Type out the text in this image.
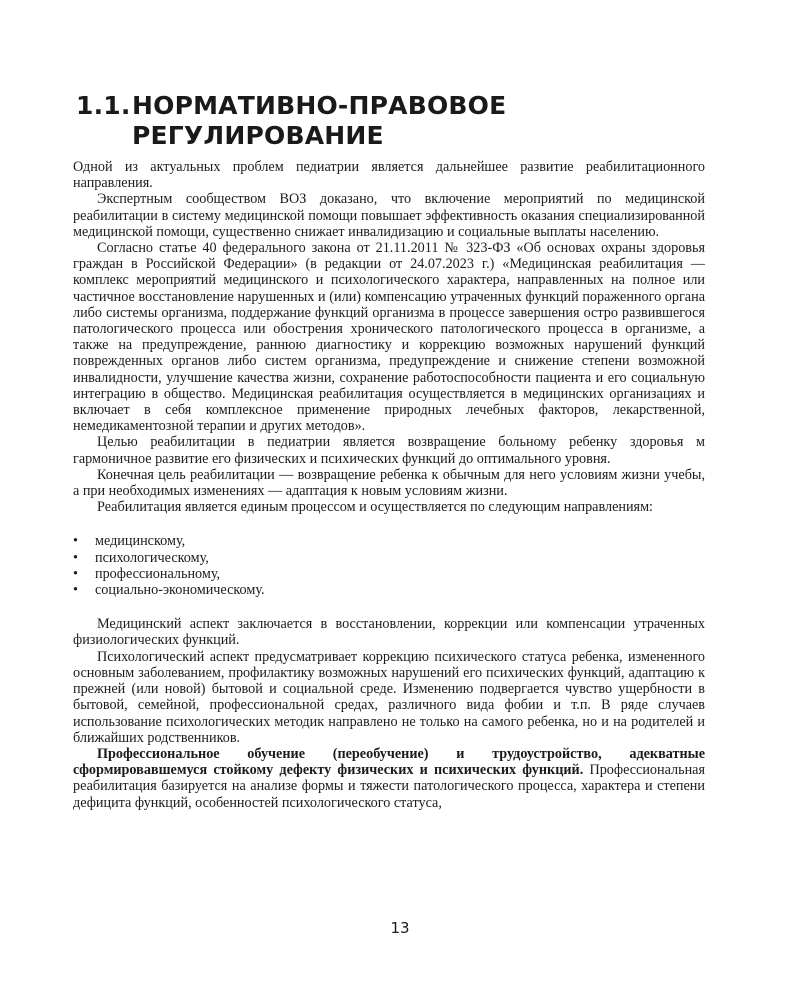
1.1.НОРМАТИВНО-ПРАВОВОЕ
РЕГУЛИРОВАНИЕ

Одной из актуальных проблем педиатрии является дальнейшее развитие реабилитационного направления.

Экспертным сообществом ВОЗ доказано, что включение мероприятий по медицинской реабилитации в систему медицинской помощи повышает эффективность оказания специализированной медицинской помощи, существенно снижает инвалидизацию и социальные выплаты населению.

Согласно статье 40 федерального закона от 21.11.2011 № 323-ФЗ «Об основах охраны здоровья граждан в Российской Федерации» (в редакции от 24.07.2023 г.) «Медицинская реабилитация — комплекс мероприятий медицинского и психологического характера, направленных на полное или частичное восстановление нарушенных и (или) компенсацию утраченных функций пораженного органа либо системы организма, поддержание функций организма в процессе завершения остро развившегося патологического процесса или обострения хронического патологического процесса в организме, а также на предупреждение, раннюю диагностику и коррекцию возможных нарушений функций поврежденных органов либо систем организма, предупреждение и снижение степени возможной инвалидности, улучшение качества жизни, сохранение работоспособности пациента и его социальную интеграцию в общество. Медицинская реабилитация осуществляется в медицинских организациях и включает в себя комплексное применение природных лечебных факторов, лекарственной, немедикаментозной терапии и других методов».

Целью реабилитации в педиатрии является возвращение больному ребенку здоровья м гармоничное развитие его физических и психических функций до оптимального уровня.

Конечная цель реабилитации — возвращение ребенка к обычным для него условиям жизни учебы, а при необходимых изменениях — адаптация к новым условиям жизни.

Реабилитация является единым процессом и осуществляется по следующим направлениям:

• медицинскому,
• психологическому,
• профессиональному,
• социально-экономическому.

Медицинский аспект заключается в восстановлении, коррекции или компенсации утраченных физиологических функций.

Психологический аспект предусматривает коррекцию психического статуса ребенка, измененного основным заболеванием, профилактику возможных нарушений его психических функций, адаптацию к прежней (или новой) бытовой и социальной среде. Изменению подвергается чувство ущербности в бытовой, семейной, профессиональной средах, различного вида фобии и т.п. В ряде случаев использование психологических методик направлено не только на самого ребенка, но и на родителей и ближайших родственников.

Профессиональное обучение (переобучение) и трудоустройство, адекватные сформировавшемуся стойкому дефекту физических и психических функций. Профессиональная реабилитация базируется на анализе формы и тяжести патологического процесса, характера и степени дефицита функций, особенностей психологического статуса,

13
